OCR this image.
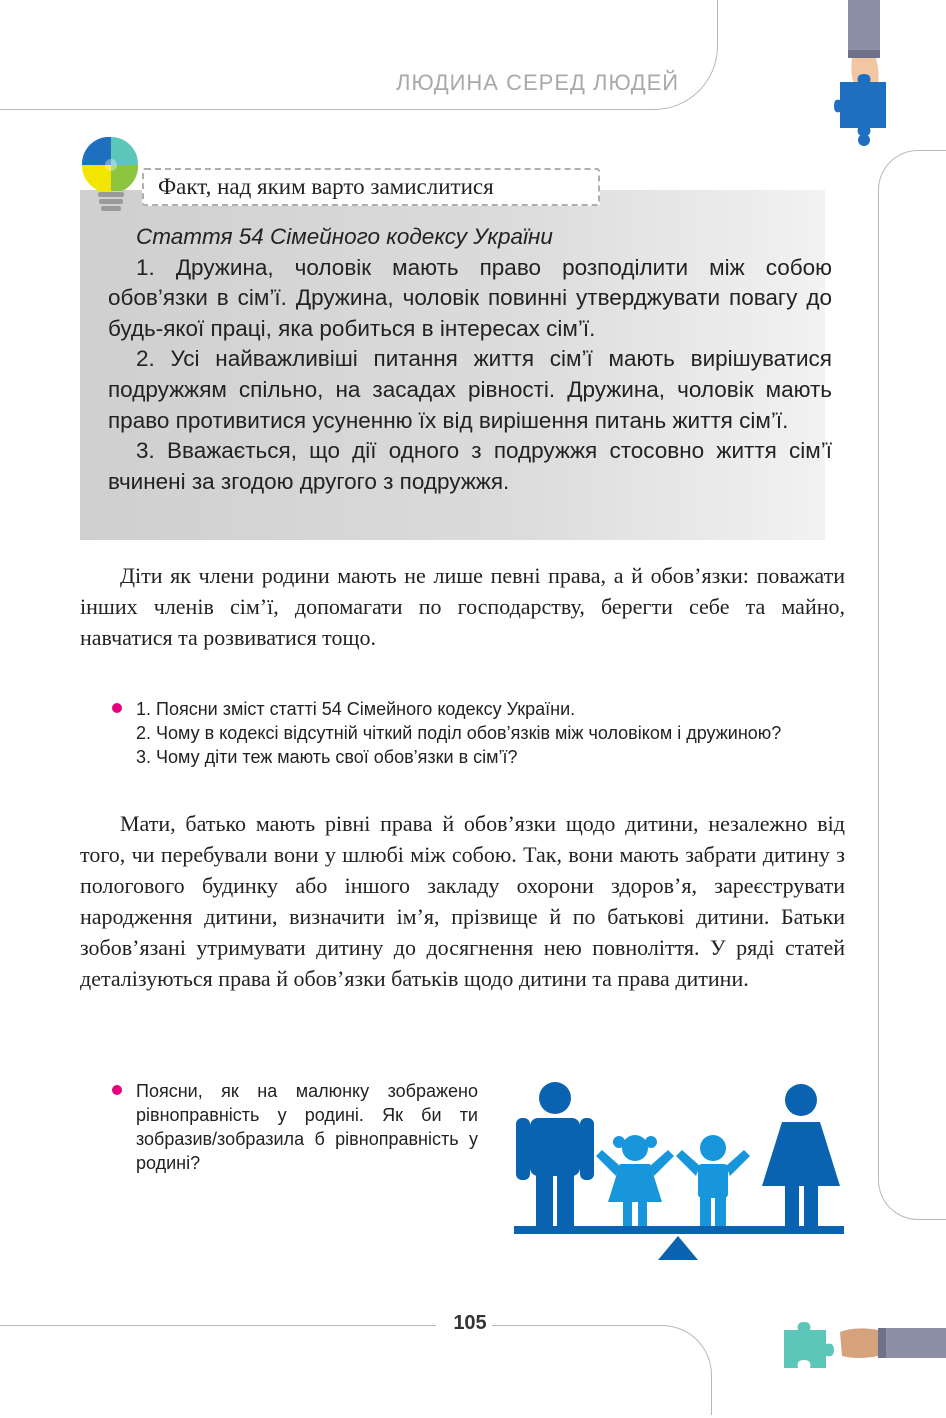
ЛЮДИНА СЕРЕД ЛЮДЕЙ
Факт, над яким варто замислитися

Стаття 54 Сімейного кодексу України

1. Дружина, чоловік мають право розподілити між собою обов’язки в сім’ї. Дружина, чоловік повинні утверджувати повагу до будь-якої праці, яка робиться в інтересах сім’ї.

2. Усі найважливіші питання життя сім’ї мають вирішуватися подружжям спільно, на засадах рівності. Дружина, чоловік мають право противитися усуненню їх від вирішення питань життя сім’ї.

3. Вважається, що дії одного з подружжя стосовно життя сім’ї вчинені за згодою другого з подружжя.

Діти як члени родини мають не лише певні права, а й обов’язки: поважати інших членів сім’ї, допомагати по господарству, берегти себе та майно, навчатися та розвиватися тощо.

1. Поясни зміст статті 54 Сімейного кодексу України.

2. Чому в кодексі відсутній чіткий поділ обов’язків між чоловіком і дружиною?

3. Чому діти теж мають свої обов’язки в сім’ї?

Мати, батько мають рівні права й обов’язки щодо дитини, незалежно від того, чи перебували вони у шлюбі між собою. Так, вони мають забрати дитину з пологового будинку або іншого закладу охорони здоров’я, зареєструвати народження дитини, визначити ім’я, прізвище й по батькові дитини. Батьки зобов’язані утримувати дитину до досягнення нею повноліття. У ряді статей деталізуються права й обов’язки батьків щодо дитини та права дитини.

Поясни, як на малюнку зображено рівноправність у родині. Як би ти зобразив/зобразила б рівноправність у родині?

105
